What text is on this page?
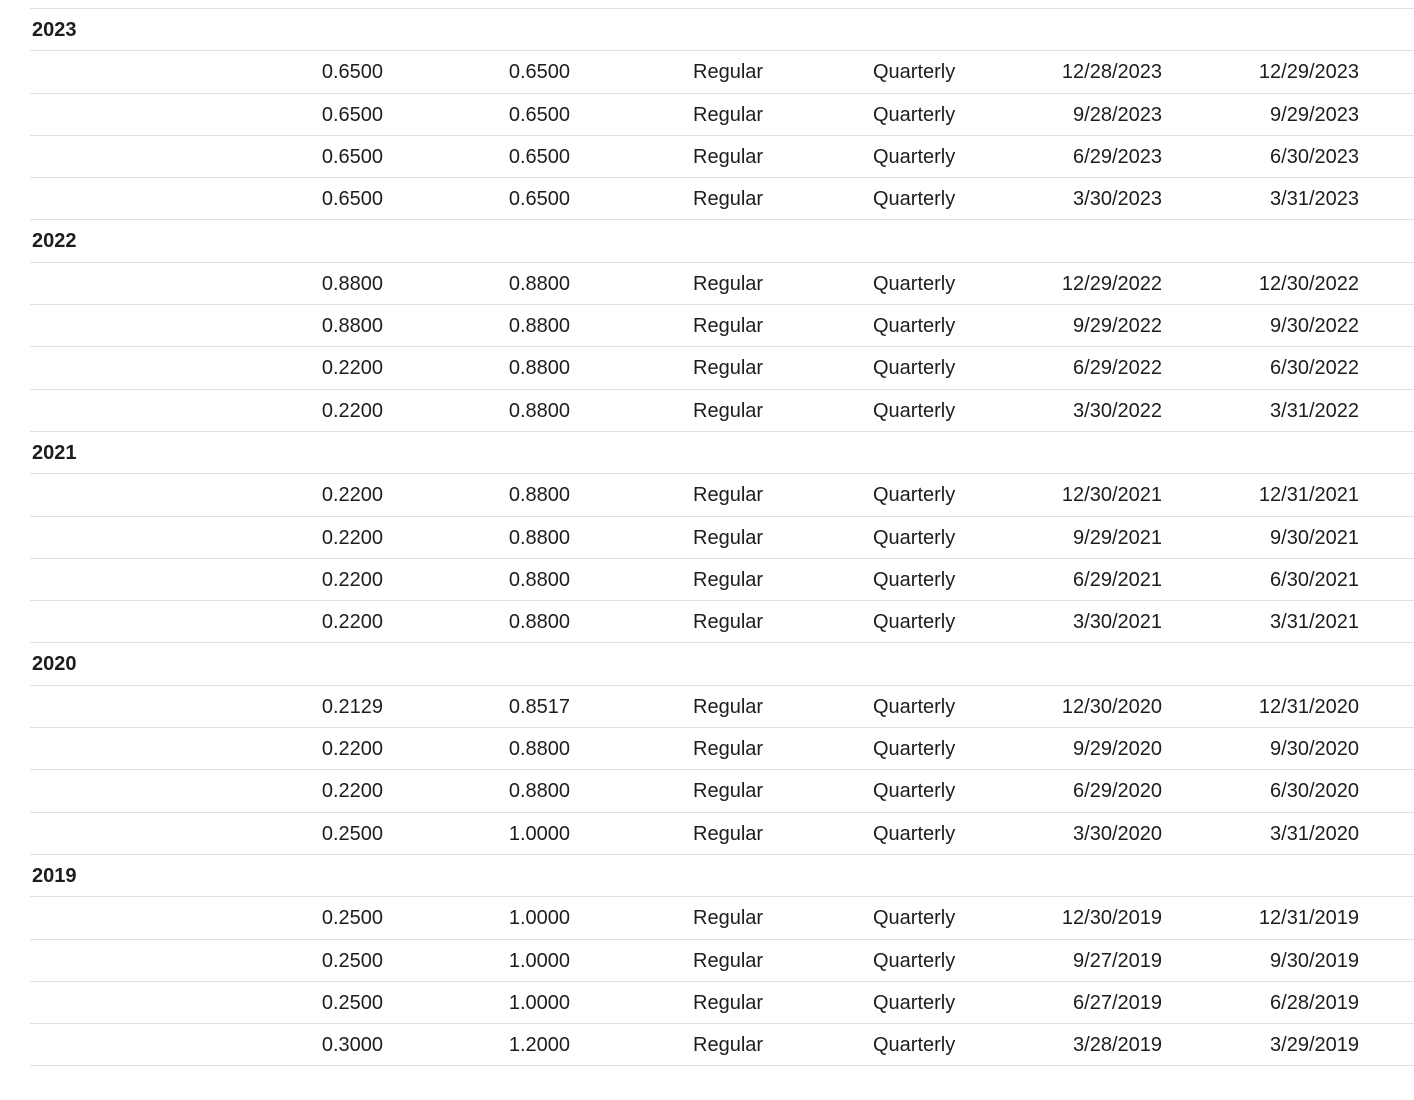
2023
0.6500	0.6500	Regular	Quarterly	12/28/2023	12/29/2023
0.6500	0.6500	Regular	Quarterly	9/28/2023	9/29/2023
0.6500	0.6500	Regular	Quarterly	6/29/2023	6/30/2023
0.6500	0.6500	Regular	Quarterly	3/30/2023	3/31/2023
2022
0.8800	0.8800	Regular	Quarterly	12/29/2022	12/30/2022
0.8800	0.8800	Regular	Quarterly	9/29/2022	9/30/2022
0.2200	0.8800	Regular	Quarterly	6/29/2022	6/30/2022
0.2200	0.8800	Regular	Quarterly	3/30/2022	3/31/2022
2021
0.2200	0.8800	Regular	Quarterly	12/30/2021	12/31/2021
0.2200	0.8800	Regular	Quarterly	9/29/2021	9/30/2021
0.2200	0.8800	Regular	Quarterly	6/29/2021	6/30/2021
0.2200	0.8800	Regular	Quarterly	3/30/2021	3/31/2021
2020
0.2129	0.8517	Regular	Quarterly	12/30/2020	12/31/2020
0.2200	0.8800	Regular	Quarterly	9/29/2020	9/30/2020
0.2200	0.8800	Regular	Quarterly	6/29/2020	6/30/2020
0.2500	1.0000	Regular	Quarterly	3/30/2020	3/31/2020
2019
0.2500	1.0000	Regular	Quarterly	12/30/2019	12/31/2019
0.2500	1.0000	Regular	Quarterly	9/27/2019	9/30/2019
0.2500	1.0000	Regular	Quarterly	6/27/2019	6/28/2019
0.3000	1.2000	Regular	Quarterly	3/28/2019	3/29/2019
